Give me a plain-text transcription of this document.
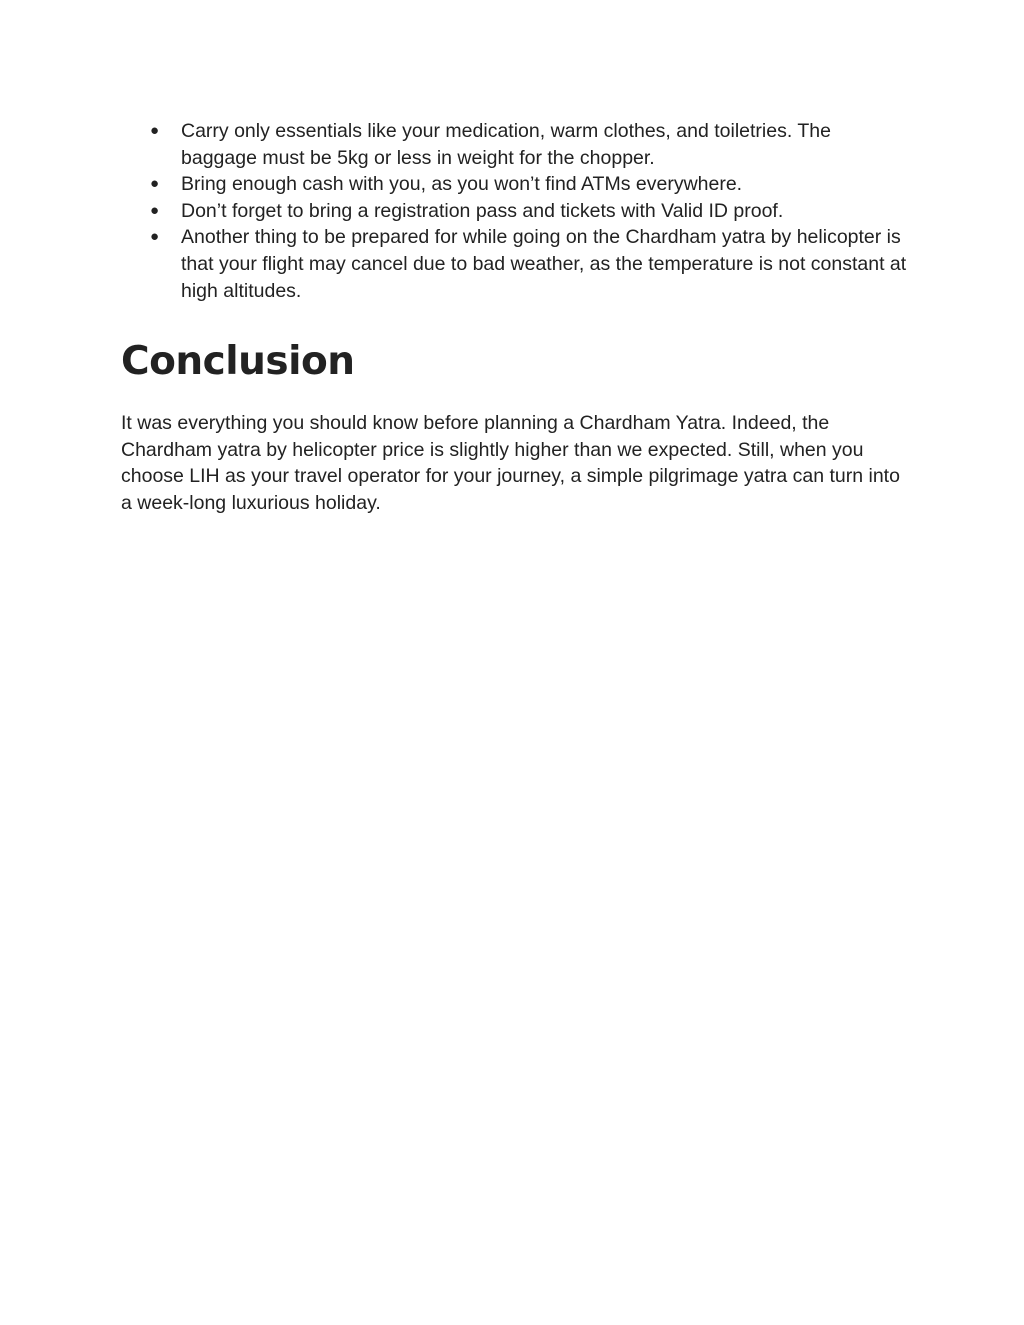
● Carry only essentials like your medication, warm clothes, and toiletries. The baggage must be 5kg or less in weight for the chopper.
● Bring enough cash with you, as you won’t find ATMs everywhere.
● Don’t forget to bring a registration pass and tickets with Valid ID proof.
● Another thing to be prepared for while going on the Chardham yatra by helicopter is that your flight may cancel due to bad weather, as the temperature is not constant at high altitudes.
Conclusion

It was everything you should know before planning a Chardham Yatra. Indeed, the Chardham yatra by helicopter price is slightly higher than we expected. Still, when you choose LIH as your travel operator for your journey, a simple pilgrimage yatra can turn into a week-long luxurious holiday.
